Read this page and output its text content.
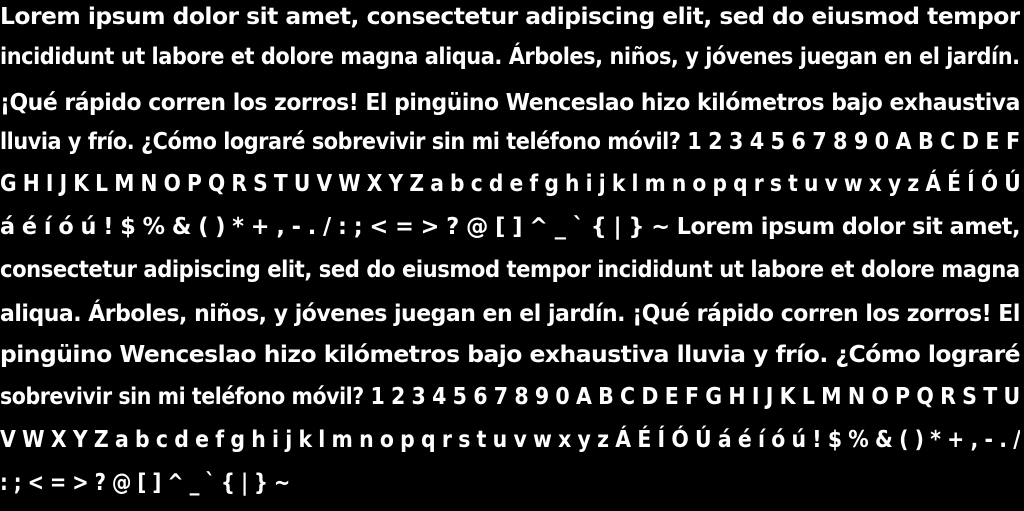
Lorem ipsum dolor sit amet, consectetur adipiscing elit, sed do eiusmod tempor
incididunt ut labore et dolore magna aliqua. Árboles, niños, y jóvenes juegan en el jardín.
¡Qué rápido corren los zorros! El pingüino Wenceslao hizo kilómetros bajo exhaustiva
lluvia y frío. ¿Cómo lograré sobrevivir sin mi teléfono móvil? 1 2 3 4 5 6 7 8 9 0 A B C D E F
G H I J K L M N O P Q R S T U V W X Y Z a b c d e f g h i j k l m n o p q r s t u v w x y z Á É Í Ó Ú
á é í ó ú ! $ % & ( ) * + , - . / : ; < = > ? @ [ ] ^ _ ` { | } ~ Lorem ipsum dolor sit amet,
consectetur adipiscing elit, sed do eiusmod tempor incididunt ut labore et dolore magna
aliqua. Árboles, niños, y jóvenes juegan en el jardín. ¡Qué rápido corren los zorros! El
pingüino Wenceslao hizo kilómetros bajo exhaustiva lluvia y frío. ¿Cómo lograré
sobrevivir sin mi teléfono móvil? 1 2 3 4 5 6 7 8 9 0 A B C D E F G H I J K L M N O P Q R S T U
V W X Y Z a b c d e f g h i j k l m n o p q r s t u v w x y z Á É Í Ó Ú á é í ó ú ! $ % & ( ) * + , - . /
: ; < = > ? @ [ ] ^ _ ` { | } ~
